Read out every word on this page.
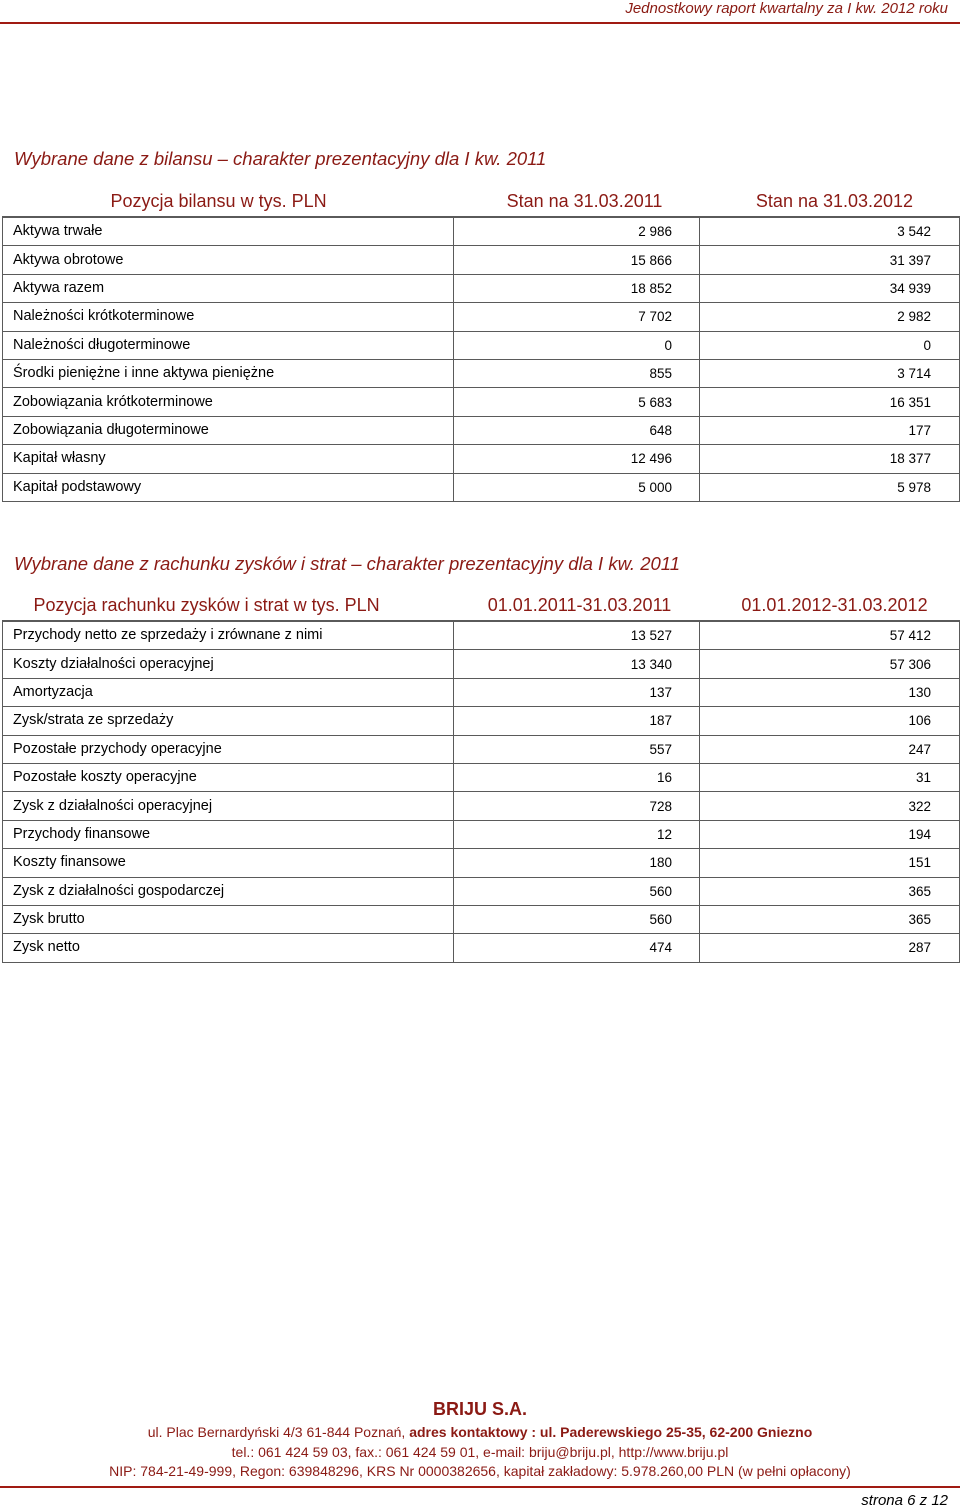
Jednostkowy raport kwartalny za I kw. 2012 roku
Wybrane dane z bilansu – charakter prezentacyjny dla I kw. 2011
Pozycja bilansu w tys. PLN	Stan na 31.03.2011	Stan na 31.03.2012
Aktywa trwałe	2 986	3 542
Aktywa obrotowe	15 866	31 397
Aktywa razem	18 852	34 939
Należności krótkoterminowe	7 702	2 982
Należności długoterminowe	0	0
Środki pieniężne i inne aktywa pieniężne	855	3 714
Zobowiązania krótkoterminowe	5 683	16 351
Zobowiązania długoterminowe	648	177
Kapitał własny	12 496	18 377
Kapitał podstawowy	5 000	5 978
Wybrane dane z rachunku zysków i strat – charakter prezentacyjny dla I kw. 2011
Pozycja rachunku zysków i strat w tys. PLN	01.01.2011-31.03.2011	01.01.2012-31.03.2012
Przychody netto ze sprzedaży i zrównane z nimi	13 527	57 412
Koszty działalności operacyjnej	13 340	57 306
Amortyzacja	137	130
Zysk/strata ze sprzedaży	187	106
Pozostałe przychody operacyjne	557	247
Pozostałe koszty operacyjne	16	31
Zysk z działalności operacyjnej	728	322
Przychody finansowe	12	194
Koszty finansowe	180	151
Zysk z działalności gospodarczej	560	365
Zysk brutto	560	365
Zysk netto	474	287
BRIJU S.A.
ul. Plac Bernardyński 4/3 61-844 Poznań, adres kontaktowy : ul. Paderewskiego 25-35, 62-200 Gniezno
tel.: 061 424 59 03, fax.: 061 424 59 01, e-mail: briju@briju.pl, http://www.briju.pl
NIP: 784-21-49-999, Regon: 639848296, KRS Nr 0000382656, kapitał zakładowy: 5.978.260,00 PLN (w pełni opłacony)
strona 6 z 12
